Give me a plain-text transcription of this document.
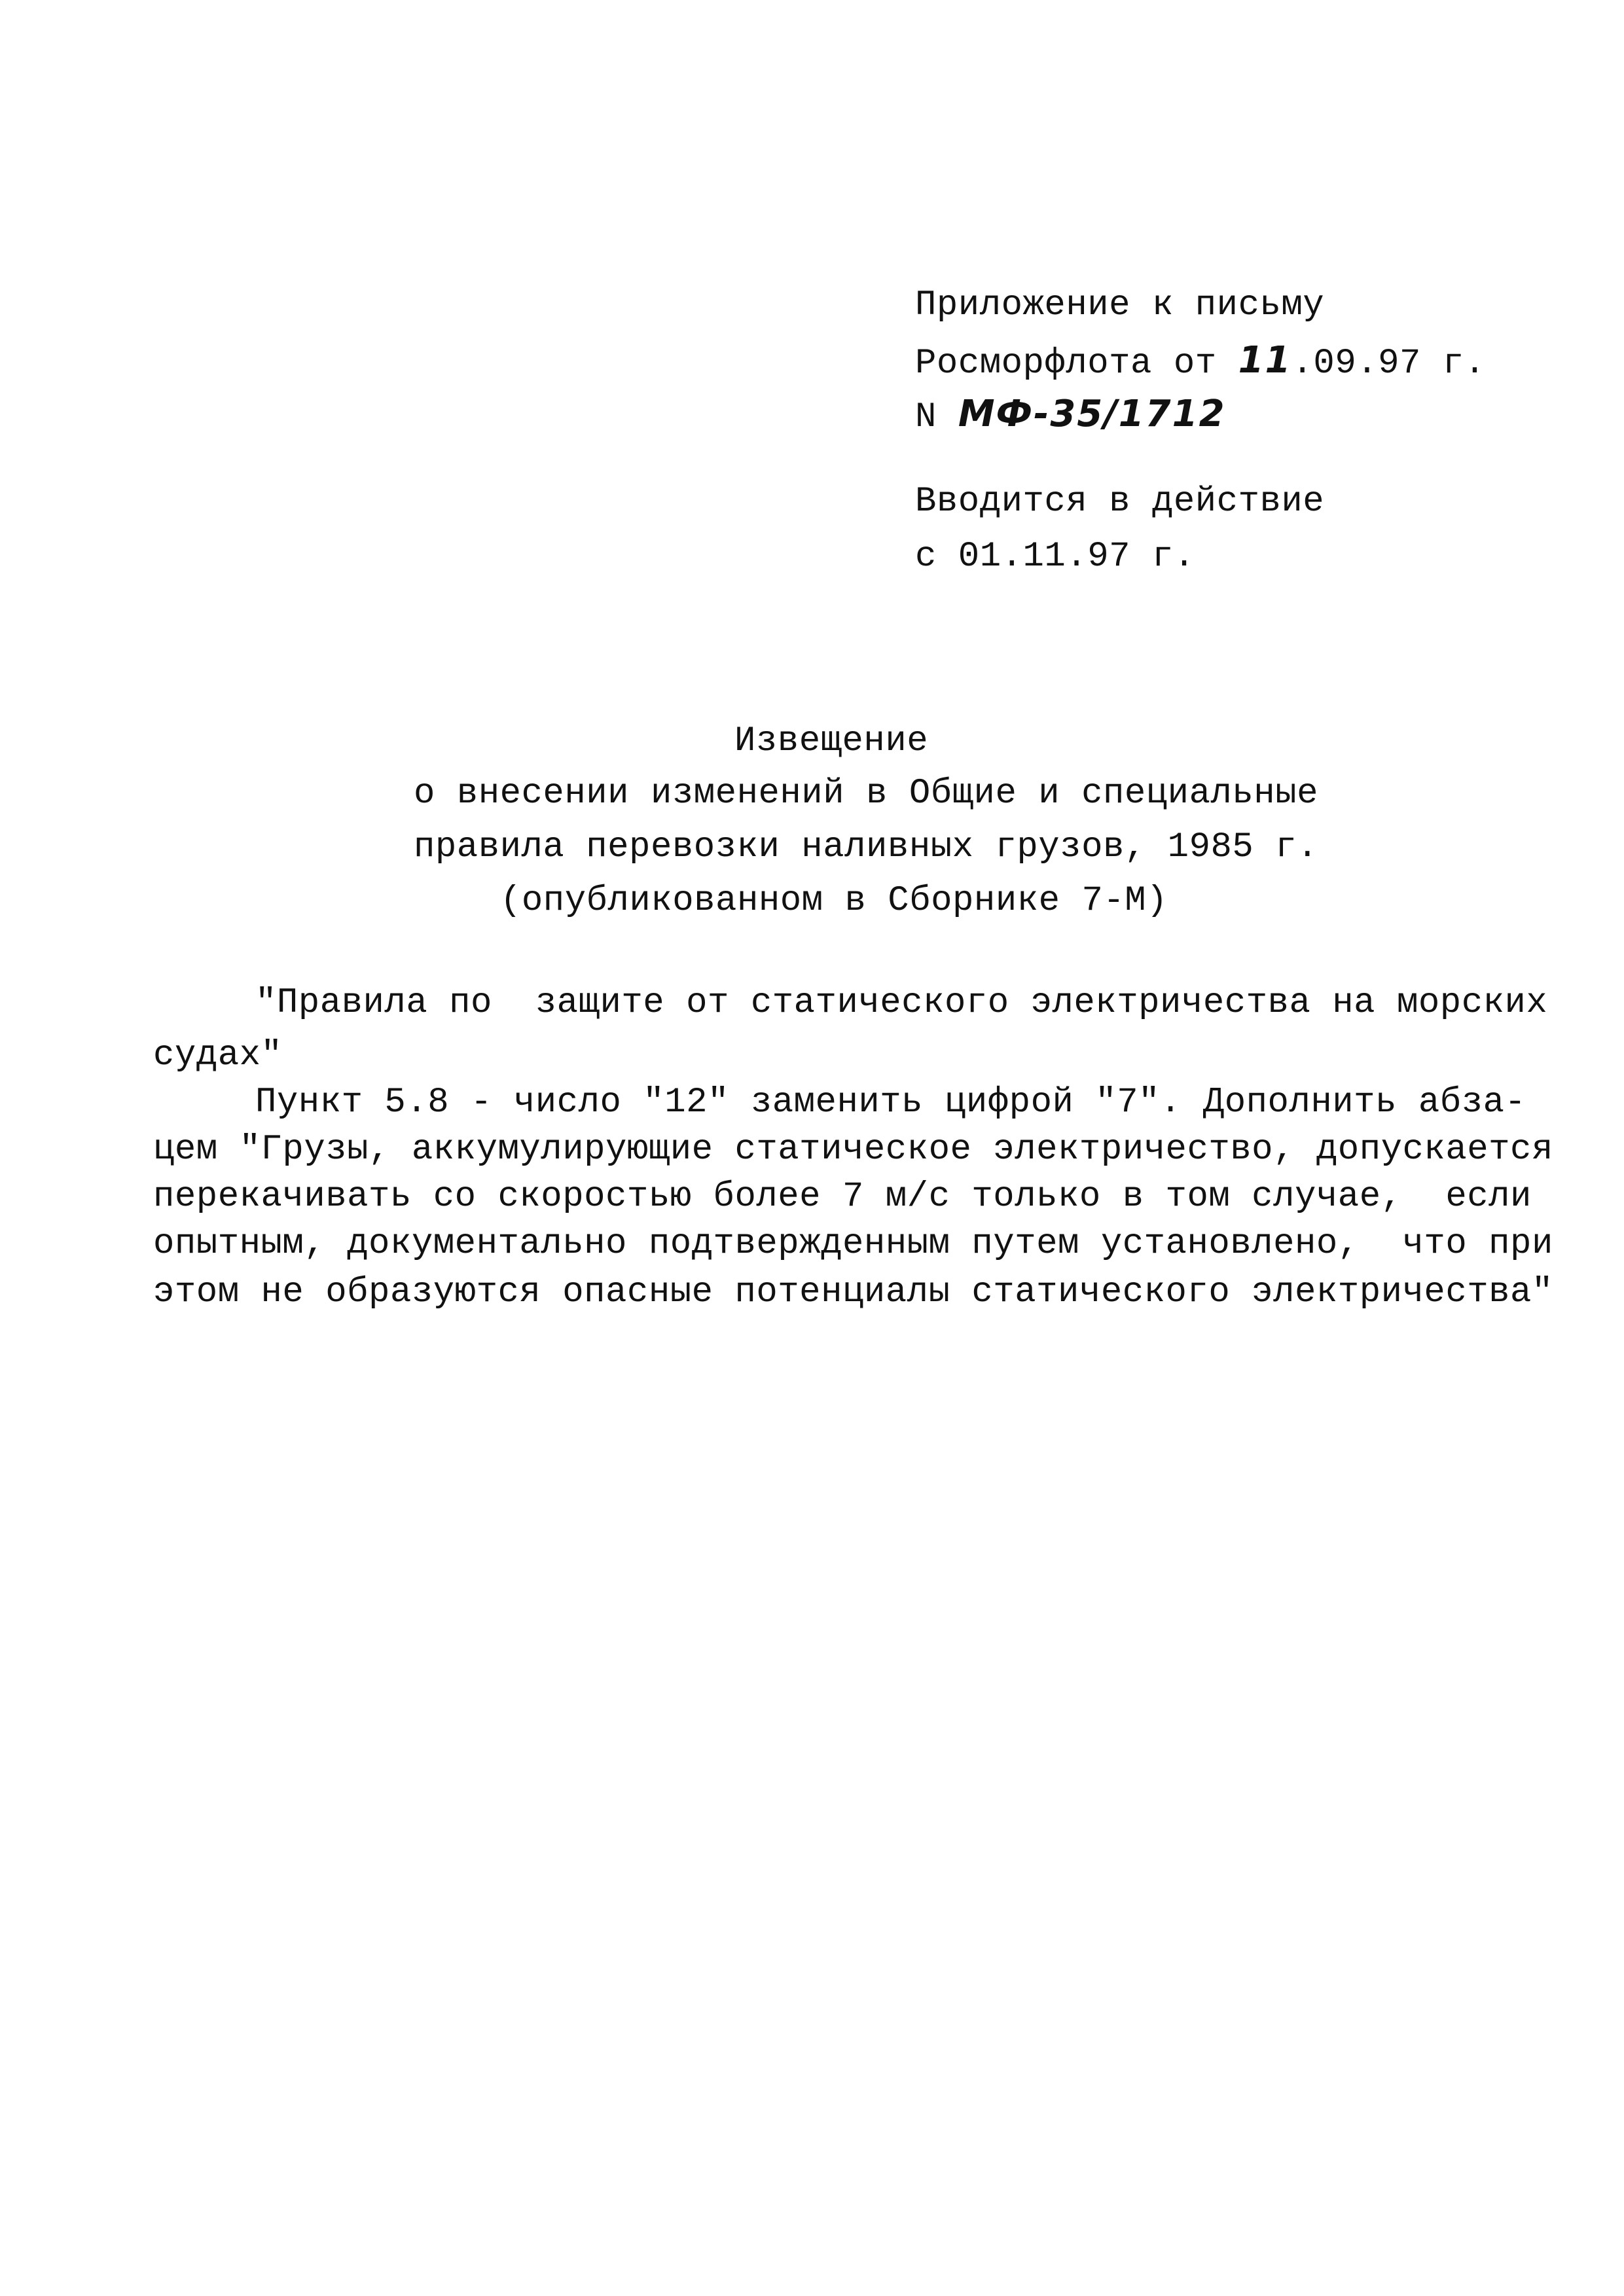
Приложение к письму
Росморфлота от 11.09.97 г.
N МФ-35/1712
Вводится в действие
с 01.11.97 г.
Извещение
о внесении изменений в Общие и специальные
правила перевозки наливных грузов, 1985 г.
(опубликованном в Сборнике 7-М)
"Правила по  защите от статического электричества на морских
судах"
Пункт 5.8 - число "12" заменить цифрой "7". Дополнить абза-
цем "Грузы, аккумулирующие статическое электричество, допускается
перекачивать со скоростью более 7 м/с только в том случае,  если
опытным, документально подтвержденным путем установлено,  что при
этом не образуются опасные потенциалы статического электричества"
